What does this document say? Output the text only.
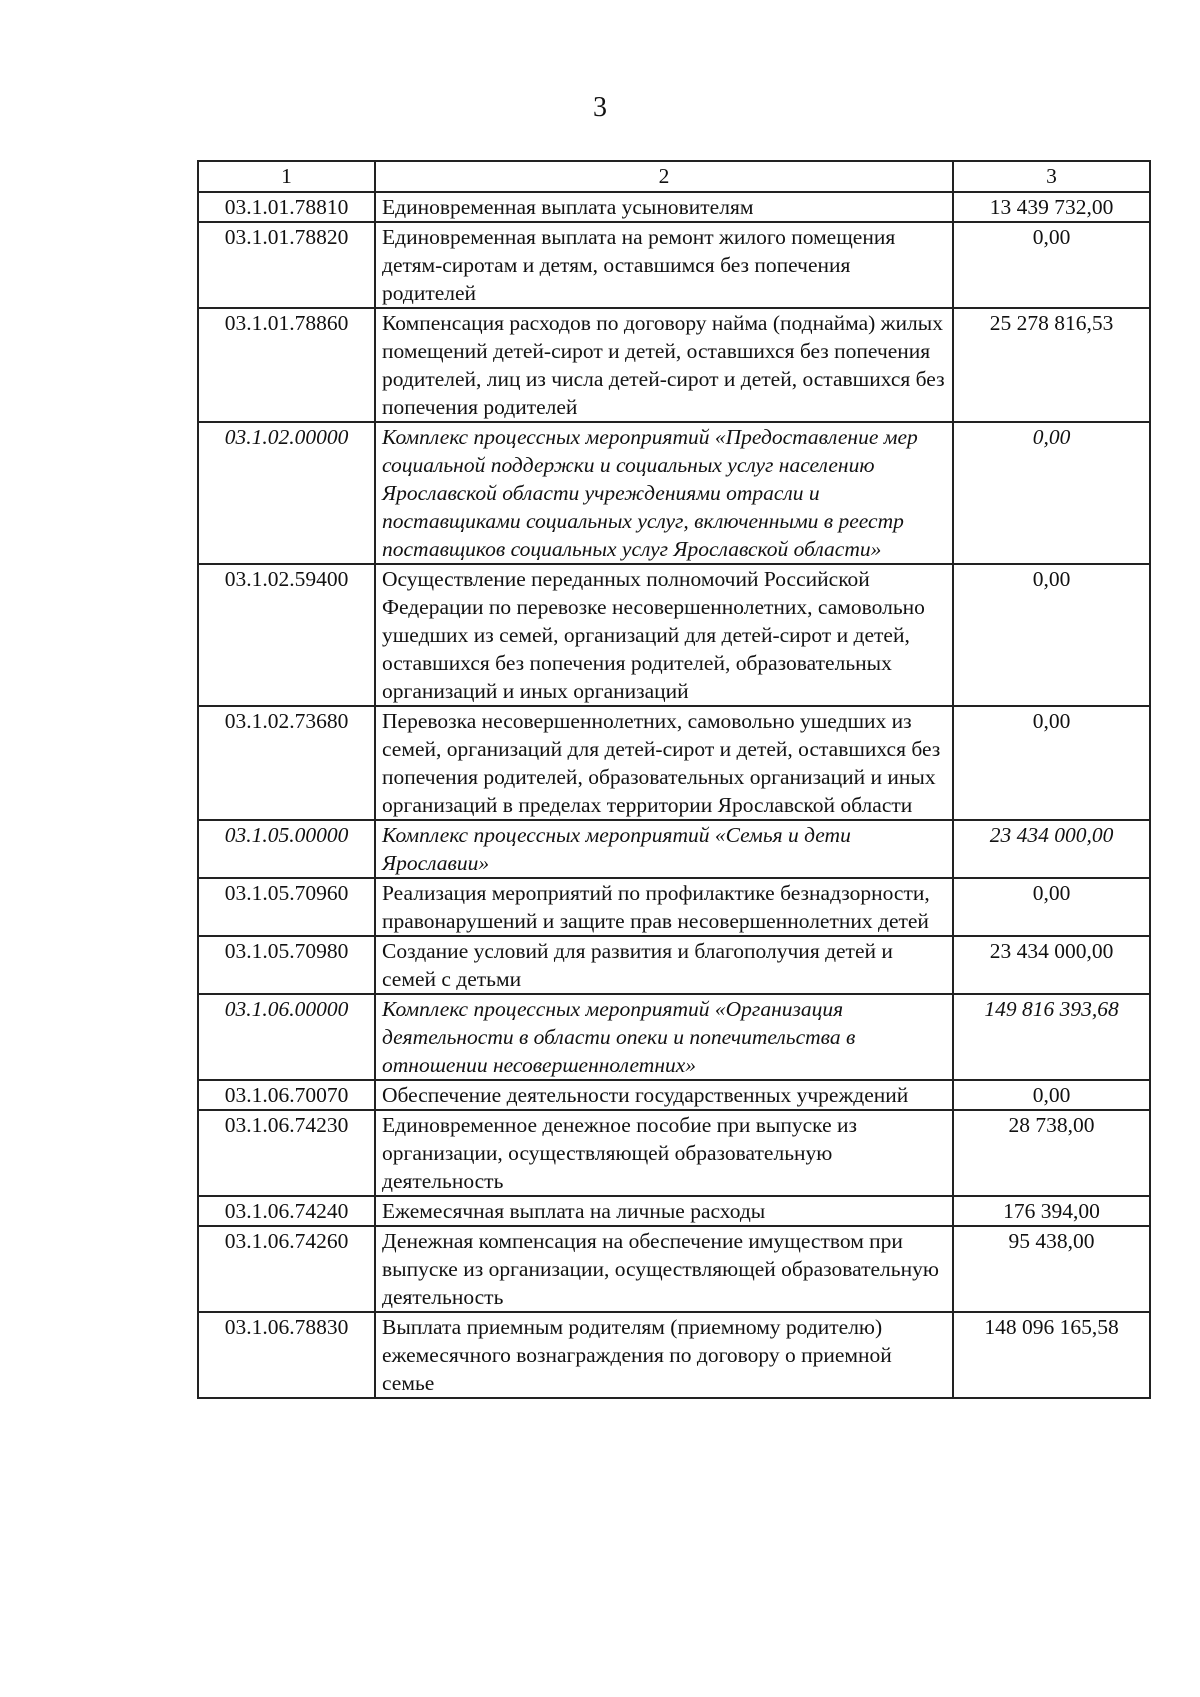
3
1	2	3
03.1.01.78810	Единовременная выплата усыновителям	13 439 732,00
03.1.01.78820	Единовременная выплата на ремонт жилого помещения детям-сиротам и детям, оставшимся без попечения родителей	0,00
03.1.01.78860	Компенсация расходов по договору найма (поднайма) жилых помещений детей-сирот и детей, оставшихся без попечения родителей, лиц из числа детей-сирот и детей, оставшихся без попечения родителей	25 278 816,53
03.1.02.00000	Комплекс процессных мероприятий «Предоставление мер социальной поддержки и социальных услуг населению Ярославской области учреждениями отрасли и поставщиками социальных услуг, включенными в реестр поставщиков социальных услуг Ярославской области»	0,00
03.1.02.59400	Осуществление переданных полномочий Российской Федерации по перевозке несовершеннолетних, самовольно ушедших из семей, организаций для детей-сирот и детей, оставшихся без попечения родителей, образовательных организаций и иных организаций	0,00
03.1.02.73680	Перевозка несовершеннолетних, самовольно ушедших из семей, организаций для детей-сирот и детей, оставшихся без попечения родителей, образовательных организаций и иных организаций в пределах территории Ярославской области	0,00
03.1.05.00000	Комплекс процессных мероприятий «Семья и дети Ярославии»	23 434 000,00
03.1.05.70960	Реализация мероприятий по профилактике безнадзорности, правонарушений и защите прав несовершеннолетних детей	0,00
03.1.05.70980	Создание условий для развития и благополучия детей и семей с детьми	23 434 000,00
03.1.06.00000	Комплекс процессных мероприятий «Организация деятельности в области опеки и попечительства в отношении несовершеннолетних»	149 816 393,68
03.1.06.70070	Обеспечение деятельности государственных учреждений	0,00
03.1.06.74230	Единовременное денежное пособие при выпуске из организации, осуществляющей образовательную деятельность	28 738,00
03.1.06.74240	Ежемесячная выплата на личные расходы	176 394,00
03.1.06.74260	Денежная компенсация на обеспечение имуществом при выпуске из организации, осуществляющей образовательную деятельность	95 438,00
03.1.06.78830	Выплата приемным родителям (приемному родителю) ежемесячного вознаграждения по договору о приемной семье	148 096 165,58
